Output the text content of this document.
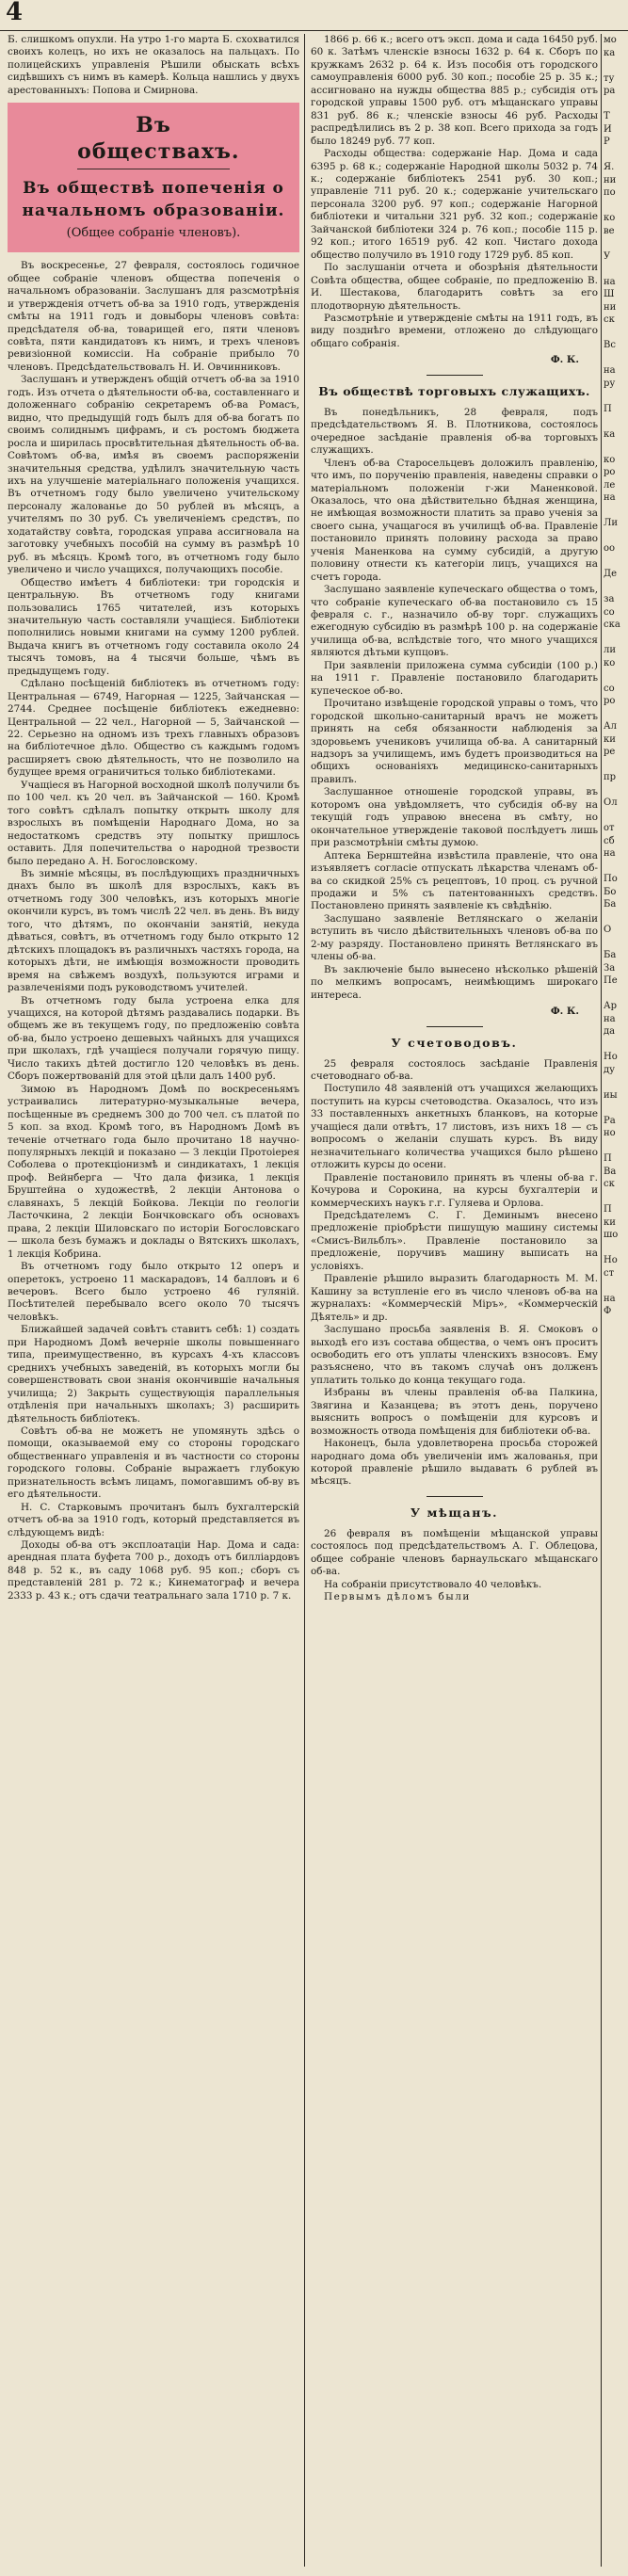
4

Б. слишкомъ опухли. На утро 1-го марта Б. схохватился своихъ колецъ, но ихъ не оказалось на пальцахъ. По полицейскихъ управленія Рѣшили обыскать всѣхъ сидѣвшихъ съ нимъ въ камерѣ. Кольца нашлись у двухъ арестованныхъ: Попова и Смирнова.

Въ обществахъ.
Въ обществѣ попеченія о начальномъ образованіи.
(Общее собраніе членовъ).

Въ воскресенье, 27 февраля, состоялось годичное общее собраніе членовъ общества попеченія о начальномъ образованіи. Заслушанъ для разсмотрѣнія и утвержденія отчетъ об-ва за 1910 годъ, утвержденія смѣты на 1911 годъ и довыборы членовъ совѣта: предсѣдателя об-ва, товарищей его, пяти членовъ совѣта, пяти кандидатовъ къ нимъ, и трехъ членовъ ревизіонной комиссіи. На собраніе прибыло 70 членовъ. Предсѣдательствовалъ Н. И. Овчинниковъ.

Заслушанъ и утвержденъ общій отчетъ об-ва за 1910 годъ. Изъ отчета о дѣятельности об-ва, составленнаго и доложеннаго собранію секретаремъ об-ва Ромасъ, видно, что предыдущій годъ былъ для об-ва богатъ по своимъ солиднымъ цифрамъ, и съ ростомъ бюджета росла и ширилась просвѣтительная дѣятельность об-ва. Совѣтомъ об-ва, имѣя въ своемъ распоряженіи значительныя средства, удѣлилъ значительную часть ихъ на улучшеніе матеріальнаго положенія учащихся. Въ отчетномъ году было увеличено учительскому персоналу жалованье до 50 рублей въ мѣсяцъ, а учителямъ по 30 руб. Съ увеличеніемъ средствъ, по ходатайству совѣта, городская управа ассигновала на заготовку учебныхъ пособій на сумму въ размѣрѣ 10 руб. въ мѣсяцъ. Кромѣ того, въ отчетномъ году было увеличено и число учащихся, получающихъ пособіе.

Общество имѣетъ 4 библіотеки: три городскія и центральную. Въ отчетномъ году книгами пользовались 1765 читателей, изъ которыхъ значительную часть составляли учащіеся. Библіотеки пополнились новыми книгами на сумму 1200 рублей. Выдача книгъ въ отчетномъ году составила около 24 тысячъ томовъ, на 4 тысячи больше, чѣмъ въ предыдущемъ году.

Сдѣлано посѣщеній библіотекъ въ отчетномъ году: Центральная — 6749, Нагорная — 1225, Зайчанская — 2744. Среднее посѣщеніе библіотекъ ежедневно: Центральной — 22 чел., Нагорной — 5, Зайчанской — 22. Серьезно на одномъ изъ трехъ главныхъ образовъ на библіотечное дѣло. Общество съ каждымъ годомъ расширяетъ свою дѣятельность, что не позволило на будущее время ограничиться только библіотеками.

Учащіеся въ Нагорной восходной школѣ получили бъ по 100 чел. къ 20 чел. въ Зайчанской — 160. Кромѣ того совѣтъ сдѣлалъ попытку открыть школу для взрослыхъ въ помѣщеніи Народнаго Дома, но за недостаткомъ средствъ эту попытку пришлось оставить. Для попечительства о народной трезвости было передано А. Н. Богословскому.

Въ зимніе мѣсяцы, въ послѣдующихъ праздничныхъ днахъ было въ школѣ для взрослыхъ, какъ въ отчетномъ году 300 человѣкъ, изъ которыхъ многіе окончили курсъ, въ томъ числѣ 22 чел. въ день. Въ виду того, что дѣтямъ, по окончаніи занятій, некуда дѣваться, совѣтъ, въ отчетномъ году было открыто 12 дѣтскихъ площадокъ въ различныхъ частяхъ города, на которыхъ дѣти, не имѣющія возможности проводить время на свѣжемъ воздухѣ, пользуются играми и развлеченіями подъ руководствомъ учителей.

Въ отчетномъ году была устроена елка для учащихся, на которой дѣтямъ раздавались подарки. Въ общемъ же въ текущемъ году, по предложенію совѣта об-ва, было устроено дешевыхъ чайныхъ для учащихся при школахъ, гдѣ учащіеся получали горячую пищу. Число такихъ дѣтей достигло 120 человѣкъ въ день. Сборъ пожертвованій для этой цѣли далъ 1400 руб.

Зимою въ Народномъ Домѣ по воскресеньямъ устраивались литературно-музыкальные вечера, посѣщенные въ среднемъ 300 до 700 чел. съ платой по 5 коп. за вход. Кромѣ того, въ Народномъ Домѣ въ теченіе отчетнаго года было прочитано 18 научно-популярныхъ лекцій и показано — З лекціи Протоіерея Соболева о протекціонизмѣ и синдикатахъ, 1 лекція проф. Вейнберга — Что дала физика, 1 лекція Бруштейна о художествѣ, 2 лекціи Антонова о славянахъ, 5 лекцій Бойкова. Лекціи по геологіи Ласточкина, 2 лекціи Бончковскаго объ основахъ права, 2 лекціи Шиловскаго по исторіи Богословскаго — школа безъ бумажъ и доклады о Вятскихъ школахъ, 1 лекція Кобрина.

Въ отчетномъ году было открыто 12 оперъ и оперетокъ, устроено 11 маскарадовъ, 14 балловъ и 6 вечеровъ. Всего было устроено 46 гуляній. Посѣтителей перебывало всего около 70 тысячъ человѣкъ.

Ближайшей задачей совѣтъ ставитъ себѣ: 1) создать при Народномъ Домѣ вечерніе школы повышеннаго типа, преимущественно, въ курсахъ 4-хъ классовъ среднихъ учебныхъ заведеній, въ которыхъ могли бы совершенствовать свои знанія окончившіе начальныя училища; 2) Закрыть существующія параллельныя отдѣленія при начальныхъ школахъ; 3) расширить дѣятельность библіотекъ.

Совѣтъ об-ва не можетъ не упомянуть здѣсь о помощи, оказываемой ему со стороны городскаго общественнаго управленія и въ частности со стороны городского головы. Собраніе выражаетъ глубокую признательность всѣмъ лицамъ, помогавшимъ об-ву въ его дѣятельности.

Н. С. Старковымъ прочитанъ былъ бухгалтерскій отчетъ об-ва за 1910 годъ, который представляется въ слѣдующемъ видѣ:

Доходы об-ва отъ эксплоатаціи Нар. Дома и сада: арендная плата буфета 700 р., доходъ отъ билліардовъ 848 р. 52 к., въ саду 1068 руб. 95 коп.; сборъ съ представленій 281 р. 72 к.; Кинематограф и вечера 2333 р. 43 к.; отъ сдачи театральнаго зала 1710 р. 7 к.

1866 р. 66 к.; всего отъ эксп. дома и сада 16450 руб. 60 к. Затѣмъ членскіе взносы 1632 р. 64 к. Сборъ по кружкамъ 2632 р. 64 к. Изъ пособія отъ городского самоуправленія 6000 руб. 30 коп.; пособіе 25 р. 35 к.; ассигновано на нужды общества 885 р.; субсидія отъ городской управы 1500 руб. отъ мѣщанскаго управы 831 руб. 86 к.; членскіе взносы 46 руб. Расходы распредѣлились въ 2 р. 38 коп. Всего прихода за годъ было 18249 руб. 77 коп.

Расходы общества: содержаніе Нар. Дома и сада 6395 р. 68 к.; содержаніе Народной школы 5032 р. 74 к.; содержаніе библіотекъ 2541 руб. 30 коп.; управленіе 711 руб. 20 к.; содержаніе учительскаго персонала 3200 руб. 97 коп.; содержаніе Нагорной библіотеки и читальни 321 руб. 32 коп.; содержаніе Зайчанской библіотеки 324 р. 76 коп.; пособіе 115 р. 92 коп.; итого 16519 руб. 42 коп. Чистаго дохода общество получило въ 1910 году 1729 руб. 85 коп.

По заслушаніи отчета и обозрѣнія дѣятельности Совѣта общества, общее собраніе, по предложенію В. И. Шестакова, благодаритъ совѣтъ за его плодотворную дѣятельность.

Разсмотрѣніе и утвержденіе смѣты на 1911 годъ, въ виду позднѣго времени, отложено до слѣдующаго общаго собранія.

Ф. К.

Въ обществѣ торговыхъ служащихъ.

Въ понедѣльникъ, 28 февраля, подъ предсѣдательствомъ Я. В. Плотникова, состоялось очередное засѣданіе правленія об-ва торговыхъ служащихъ.

Членъ об-ва Старосельцевъ доложилъ правленію, что имъ, по порученію правленія, наведены справки о матеріальномъ положеніи г-жи Маненковой. Оказалось, что она дѣйствительно бѣдная женщина, не имѣющая возможности платить за право ученія за своего сына, учащагося въ училищѣ об-ва. Правленіе постановило принять половину расхода за право ученія Маненкова на сумму субсидій, а другую половину отнести къ категоріи лицъ, учащихся на счетъ города.

Заслушано заявленіе купеческаго общества о томъ, что собраніе купеческаго об-ва постановило съ 15 февраля с. г., назначило об-ву торг. служащихъ ежегодную субсидію въ размѣрѣ 100 р. на содержаніе училища об-ва, вслѣдствіе того, что много учащихся являются дѣтьми купцовъ.

При заявленіи приложена сумма субсидіи (100 р.) на 1911 г. Правленіе постановило благодарить купеческое об-во.

Прочитано извѣщеніе городской управы о томъ, что городской школьно-санитарный врачъ не можетъ принять на себя обязанности наблюденія за здоровьемъ учениковъ училища об-ва. А санитарный надзоръ за училищемъ, имъ будетъ производиться на общихъ основаніяхъ медицинско-санитарныхъ правилъ.

Заслушанное отношеніе городской управы, въ которомъ она увѣдомляетъ, что субсидія об-ву на текущій годъ управою внесена въ смѣту, но окончательное утвержденіе таковой послѣдуетъ лишь при разсмотрѣніи смѣты думою.

Аптека Бернштейна извѣстила правленіе, что она изъявляетъ согласіе отпускать лѣкарства членамъ об-ва со скидкой 25% съ рецептовъ, 10 проц. съ ручной продажи и 5% съ патентованныхъ средствъ. Постановлено принять заявленіе къ свѣдѣнію.

Заслушано заявленіе Ветлянскаго о желаніи вступить въ число дѣйствительныхъ членовъ об-ва по 2-му разряду. Постановлено принять Ветлянскаго въ члены об-ва.

Въ заключеніе было вынесено нѣсколько рѣшеній по мелкимъ вопросамъ, неимѣющимъ широкаго интереса.

Ф. К.

У счетоводовъ.

25 февраля состоялось засѣданіе Правленія счетоводнаго об-ва.

Поступило 48 заявленій отъ учащихся желающихъ поступить на курсы счетоводства. Оказалось, что изъ 33 поставленныхъ анкетныхъ бланковъ, на которые учащіеся дали отвѣтъ, 17 листовъ, изъ нихъ 18 — съ вопросомъ о желаніи слушать курсъ. Въ виду незначительнаго количества учащихся было рѣшено отложить курсы до осени.

Правленіе постановило принять въ члены об-ва г. Кочурова и Сорокина, на курсы бухгалтеріи и коммерческихъ наукъ г.г. Гуляева и Орлова.

Предсѣдателемъ С. Г. Деминымъ внесено предложеніе пріобрѣсти пишущую машину системы «Смисъ-Вильблъ». Правленіе постановило за предложеніе, поручивъ машину выписать на условіяхъ.

Правленіе рѣшило выразить благодарность М. М. Кашину за вступленіе его въ число членовъ об-ва на журналахъ: «Коммерческій Міръ», «Коммерческій Дѣятель» и др.

Заслушано просьба заявленія В. Я. Смоковъ о выходѣ его изъ состава общества, о чемъ онъ проситъ освободить его отъ уплаты членскихъ взносовъ. Ему разъяснено, что въ такомъ случаѣ онъ долженъ уплатить только до конца текущаго года.

Избраны въ члены правленія об-ва Палкина, Звягина и Казанцева; въ этотъ день, поручено выяснить вопросъ о помѣщеніи для курсовъ и возможность отвода помѣщенія для библіотеки об-ва.

Наконецъ, была удовлетворена просьба сторожей народнаго дома объ увеличеніи имъ жалованья, при которой правленіе рѣшило выдавать 6 рублей въ мѣсяцъ.

У мѣщанъ.

26 февраля въ помѣщеніи мѣщанской управы состоялось под предсѣдательствомъ А. Г. Облецова, общее собраніе членовъ барнаульскаго мѣщанскаго об-ва.

На собраніи присутствовало 40 человѣкъ.

Первымъ дѣломъ были

мо
ка

ту
ра

Т
И
Р

Я.
ни
по

ко
ве

У

на
Ш
ни
ск

Вс

на
ру

П

ка

ко
ро
ле
на

Ли

оо

Де

за
со
ска

ли
ко

со
ро

Ал
ки
ре

пр

Ол

от
сб
на

По
Бо
Ба

О

Ба
За
Пе

Ар
на
да

Но
ду

иы

Ра
но

П
Ва
ск

П
ки
шо

Но
ст

на
Ф
